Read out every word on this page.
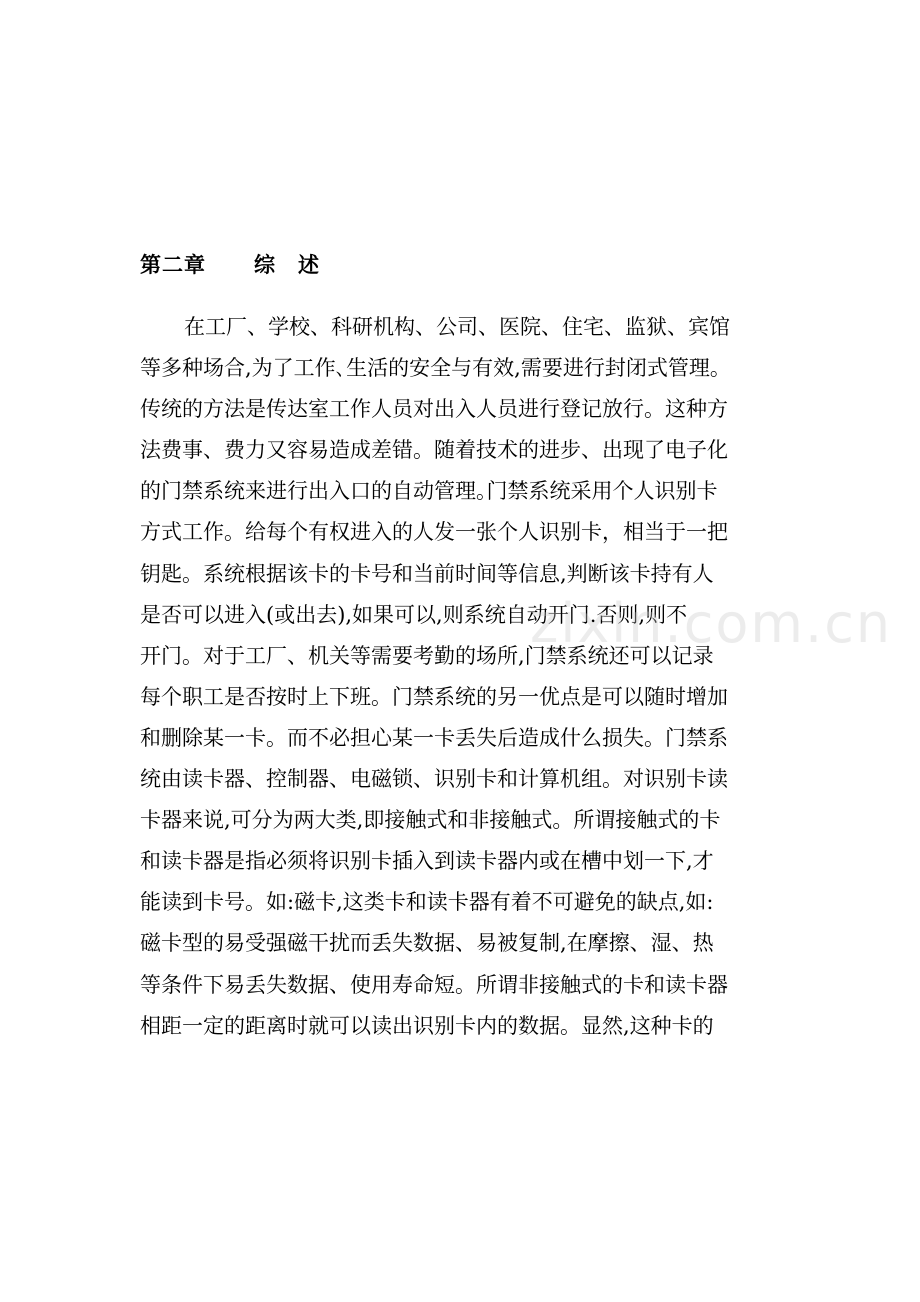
第二章 综 述
在工厂、学校、科研机构、公司、医院、住宅、监狱、宾馆
等多种场合,为了工作､生活的安全与有效,需要进行封闭式管理。
传统的方法是传达室工作人员对出入人员进行登记放行。这种方
法费事、费力又容易造成差错。随着技术的进步、出现了电子化
的门禁系统来进行出入口的自动管理｡门禁系统采用个人识别卡
方式工作。给每个有权进入的人发一张个人识别卡，相当于一把
钥匙。系统根据该卡的卡号和当前时间等信息,判断该卡持有人
是否可以进入(或出去),如果可以,则系统自动开门.否则,则不
开门。对于工厂、机关等需要考勤的场所,门禁系统还可以记录
每个职工是否按时上下班。门禁系统的另一优点是可以随时增加
和删除某一卡。而不必担心某一卡丢失后造成什么损失。门禁系
统由读卡器、控制器、电磁锁、识别卡和计算机组。对识别卡读
卡器来说,可分为两大类,即接触式和非接触式。所谓接触式的卡
和读卡器是指必须将识别卡插入到读卡器内或在槽中划一下,才
能读到卡号。如:磁卡,这类卡和读卡器有着不可避免的缺点,如:
磁卡型的易受强磁干扰而丢失数据、易被复制,在摩擦、湿、热
等条件下易丢失数据、使用寿命短。所谓非接触式的卡和读卡器
相距一定的距离时就可以读出识别卡内的数据。显然,这种卡的
zixin.com.cn
